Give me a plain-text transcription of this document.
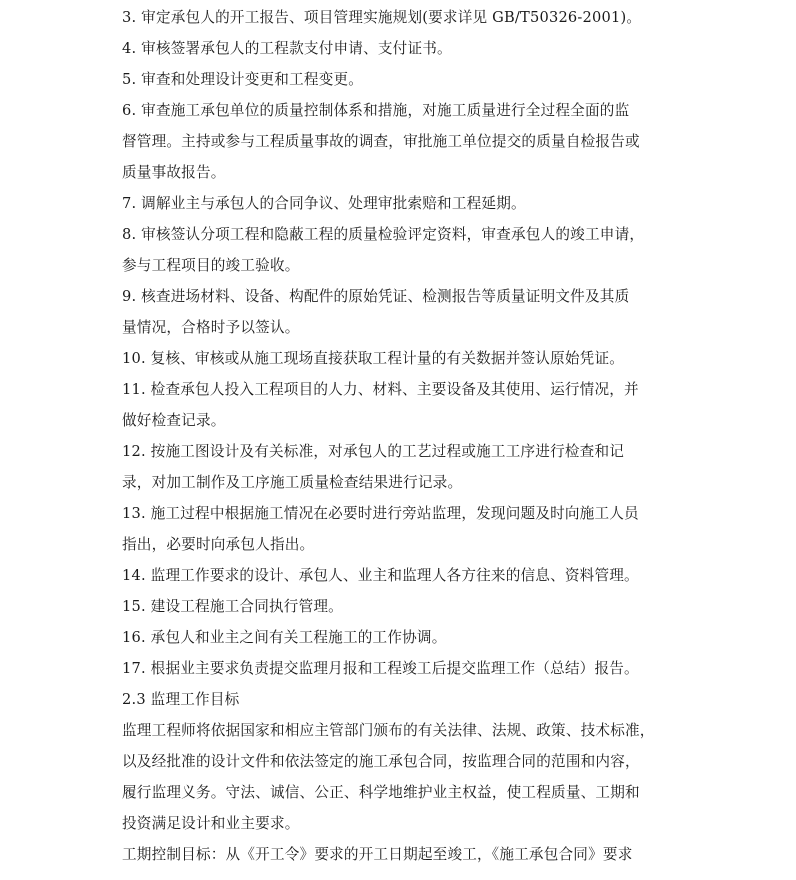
3. 审定承包人的开工报告、项目管理实施规划(要求详见 GB/T50326-2001)。
4. 审核签署承包人的工程款支付申请、支付证书。
5. 审查和处理设计变更和工程变更。
6. 审查施工承包单位的质量控制体系和措施，对施工质量进行全过程全面的监
督管理。主持或参与工程质量事故的调查，审批施工单位提交的质量自检报告或
质量事故报告。
7. 调解业主与承包人的合同争议、处理审批索赔和工程延期。
8. 审核签认分项工程和隐蔽工程的质量检验评定资料，审查承包人的竣工申请，
参与工程项目的竣工验收。
9. 核查进场材料、设备、构配件的原始凭证、检测报告等质量证明文件及其质
量情况，合格时予以签认。
10. 复核、审核或从施工现场直接获取工程计量的有关数据并签认原始凭证。
11. 检查承包人投入工程项目的人力、材料、主要设备及其使用、运行情况，并
做好检查记录。
12. 按施工图设计及有关标准，对承包人的工艺过程或施工工序进行检查和记
录，对加工制作及工序施工质量检查结果进行记录。
13. 施工过程中根据施工情况在必要时进行旁站监理，发现问题及时向施工人员
指出，必要时向承包人指出。
14. 监理工作要求的设计、承包人、业主和监理人各方往来的信息、资料管理。
15. 建设工程施工合同执行管理。
16. 承包人和业主之间有关工程施工的工作协调。
17. 根据业主要求负责提交监理月报和工程竣工后提交监理工作（总结）报告。
2.3 监理工作目标
监理工程师将依据国家和相应主管部门颁布的有关法律、法规、政策、技术标准，
以及经批准的设计文件和依法签定的施工承包合同，按监理合同的范围和内容，
履行监理义务。守法、诚信、公正、科学地维护业主权益，使工程质量、工期和
投资满足设计和业主要求。
工期控制目标：从《开工令》要求的开工日期起至竣工，《施工承包合同》要求
